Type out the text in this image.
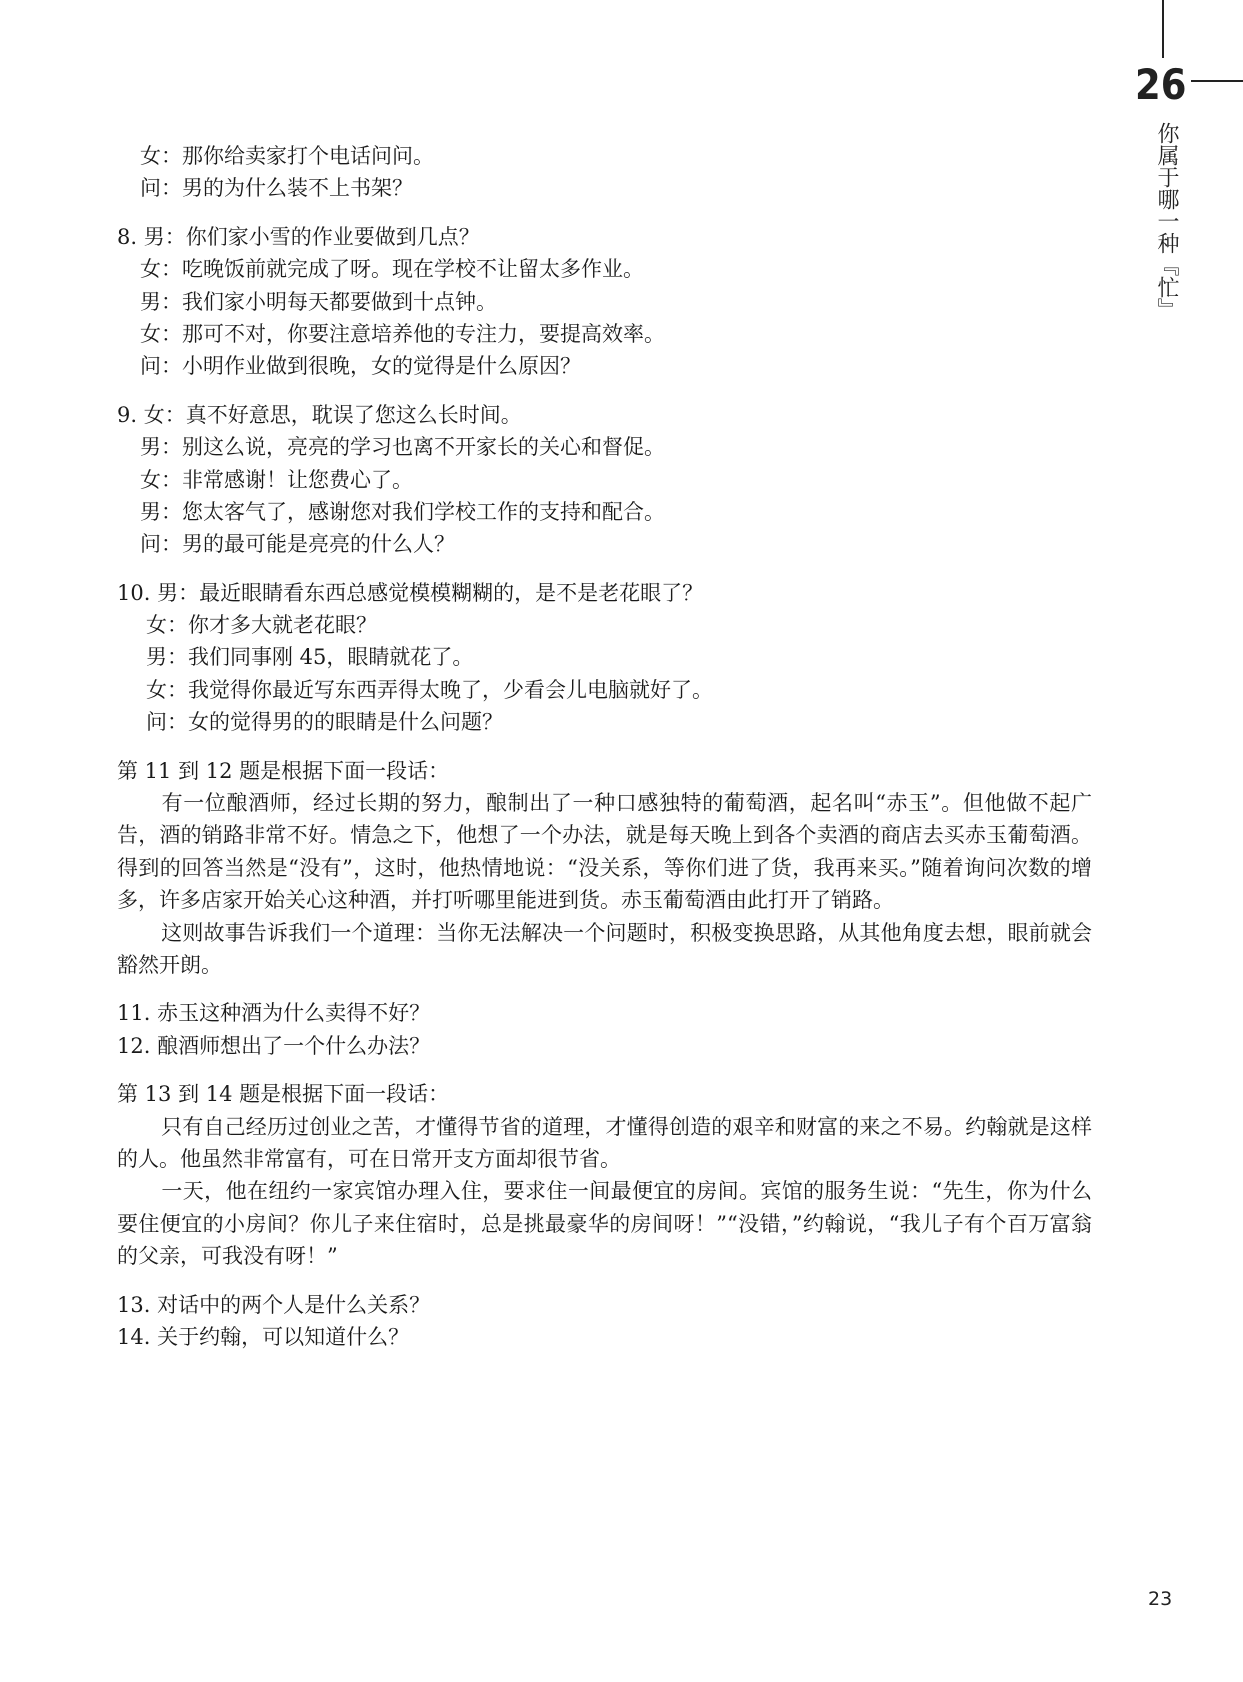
26
你属于哪一种『忙』

女：那你给卖家打个电话问问。

问：男的为什么装不上书架？

8. 男：你们家小雪的作业要做到几点？

女：吃晚饭前就完成了呀。现在学校不让留太多作业。

男：我们家小明每天都要做到十点钟。

女：那可不对，你要注意培养他的专注力，要提高效率。

问：小明作业做到很晚，女的觉得是什么原因？

9. 女：真不好意思，耽误了您这么长时间。

男：别这么说，亮亮的学习也离不开家长的关心和督促。

女：非常感谢！让您费心了。

男：您太客气了，感谢您对我们学校工作的支持和配合。

问：男的最可能是亮亮的什么人？

10. 男：最近眼睛看东西总感觉模模糊糊的，是不是老花眼了？

女：你才多大就老花眼？

男：我们同事刚 45，眼睛就花了。

女：我觉得你最近写东西弄得太晚了，少看会儿电脑就好了。

问：女的觉得男的的眼睛是什么问题？

第 11 到 12 题是根据下面一段话：

有一位酿酒师，经过长期的努力，酿制出了一种口感独特的葡萄酒，起名叫“赤玉”。但他做不起广告，酒的销路非常不好。情急之下，他想了一个办法，就是每天晚上到各个卖酒的商店去买赤玉葡萄酒。得到的回答当然是“没有”，这时，他热情地说：“没关系，等你们进了货，我再来买。”随着询问次数的增多，许多店家开始关心这种酒，并打听哪里能进到货。赤玉葡萄酒由此打开了销路。

这则故事告诉我们一个道理：当你无法解决一个问题时，积极变换思路，从其他角度去想，眼前就会豁然开朗。

11. 赤玉这种酒为什么卖得不好？

12. 酿酒师想出了一个什么办法？

第 13 到 14 题是根据下面一段话：

只有自己经历过创业之苦，才懂得节省的道理，才懂得创造的艰辛和财富的来之不易。约翰就是这样的人。他虽然非常富有，可在日常开支方面却很节省。

一天，他在纽约一家宾馆办理入住，要求住一间最便宜的房间。宾馆的服务生说：“先生，你为什么要住便宜的小房间？你儿子来住宿时，总是挑最豪华的房间呀！”“没错，”约翰说，“我儿子有个百万富翁的父亲，可我没有呀！”

13. 对话中的两个人是什么关系？

14. 关于约翰，可以知道什么？

23
